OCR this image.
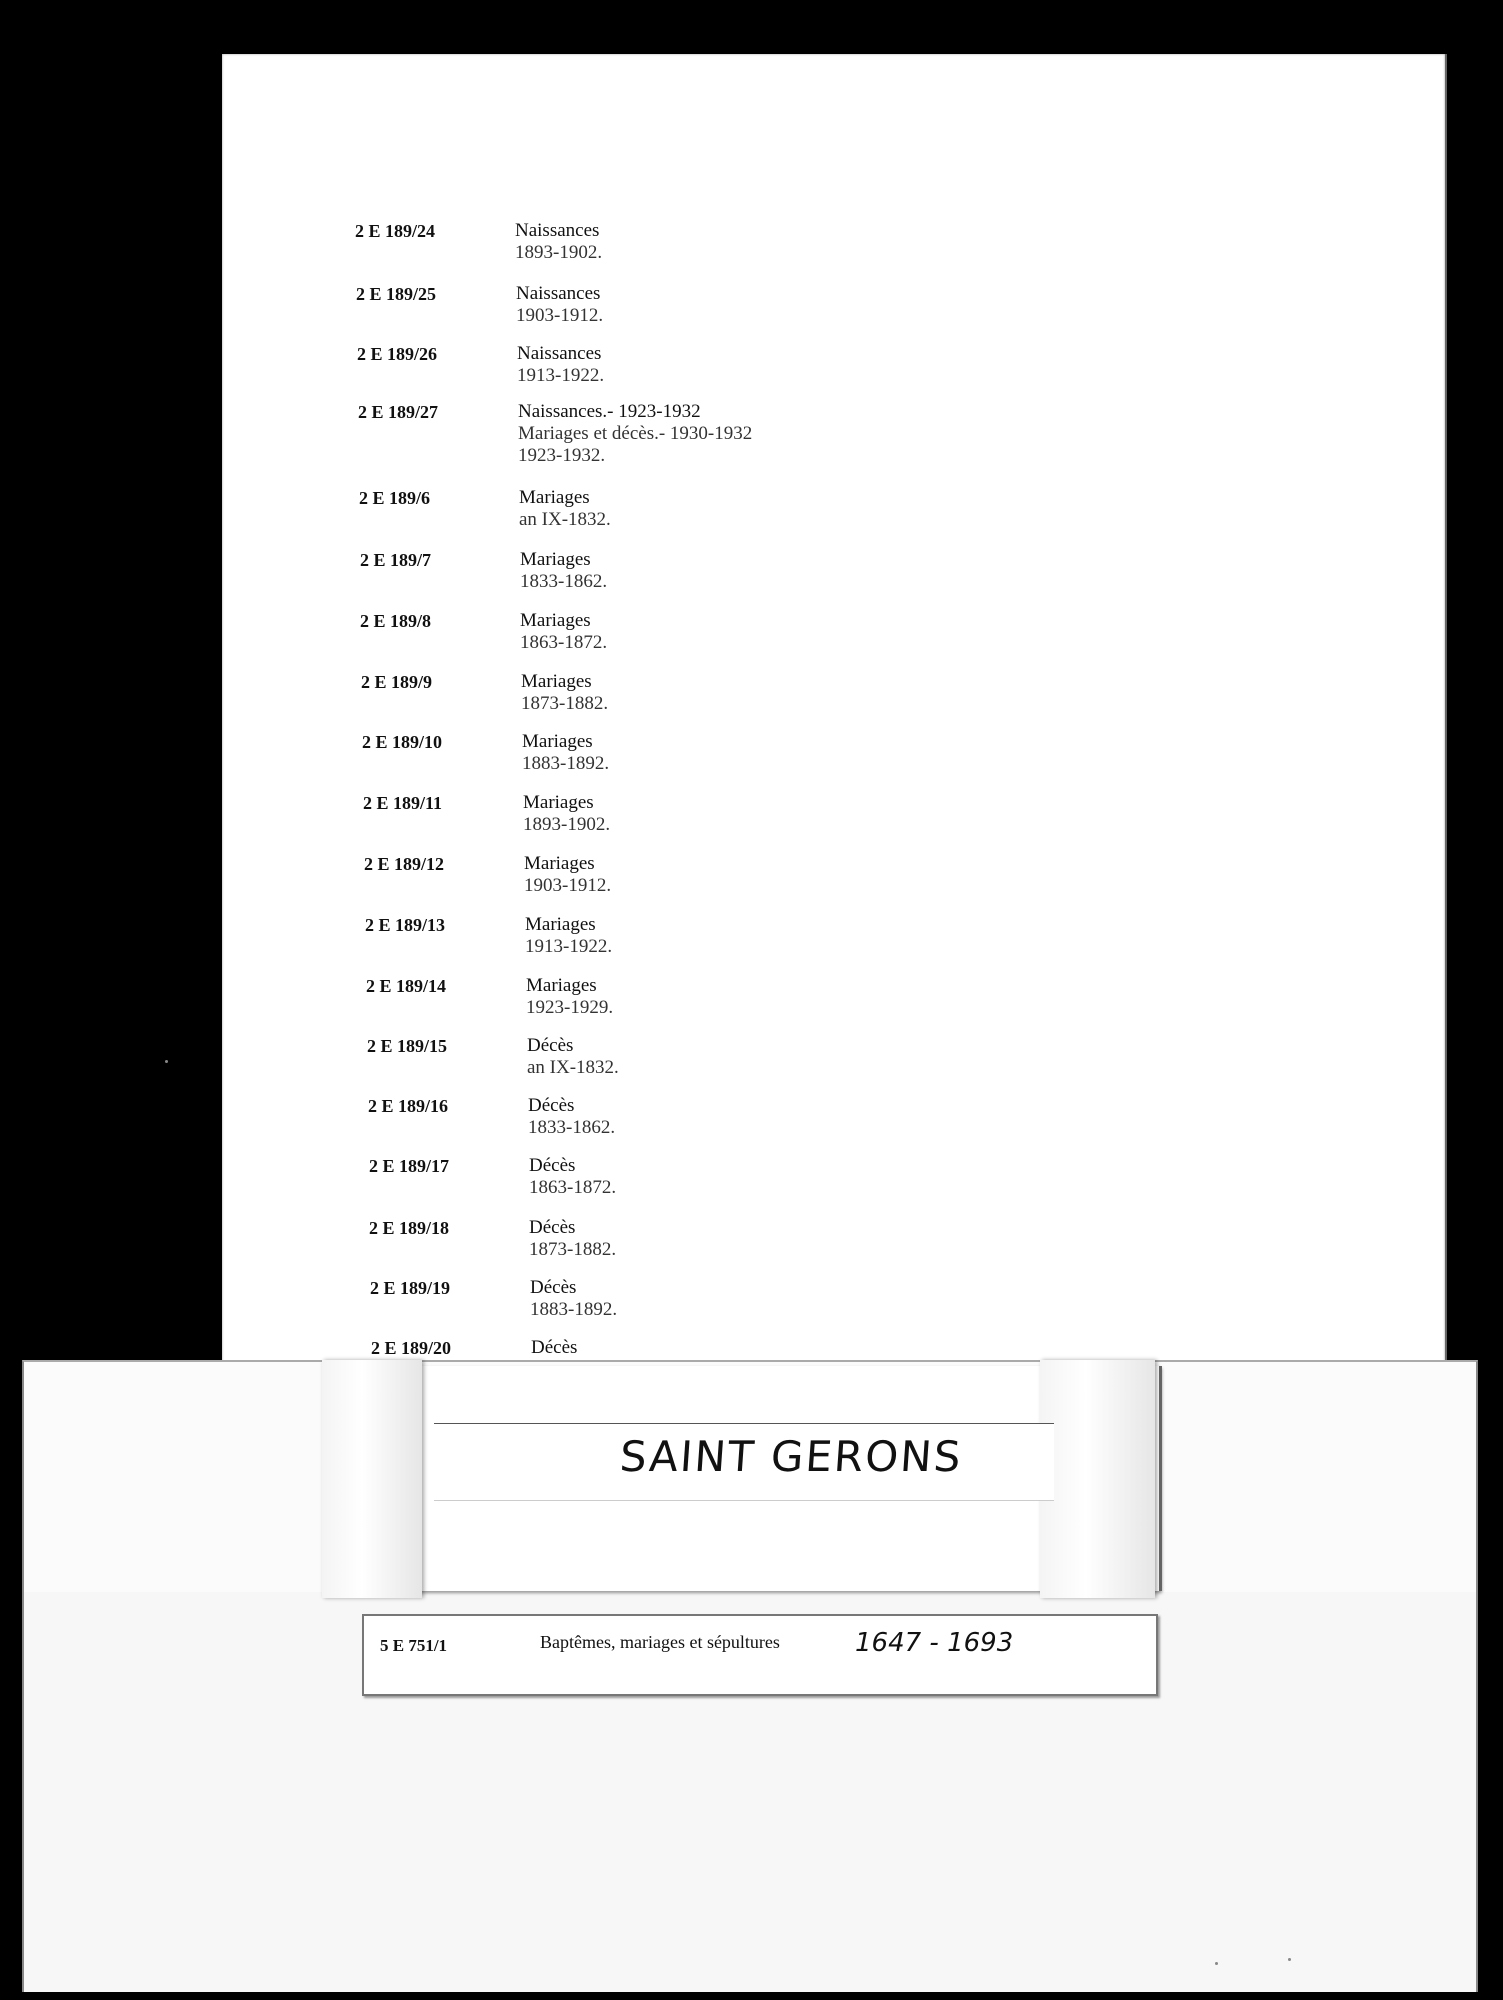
2 E 189/24	Naissances
1893-1902.
2 E 189/25	Naissances
1903-1912.
2 E 189/26	Naissances
1913-1922.
2 E 189/27	Naissances.- 1923-1932
Mariages et décès.- 1930-1932
1923-1932.
2 E 189/6	Mariages
an IX-1832.
2 E 189/7	Mariages
1833-1862.
2 E 189/8	Mariages
1863-1872.
2 E 189/9	Mariages
1873-1882.
2 E 189/10	Mariages
1883-1892.
2 E 189/11	Mariages
1893-1902.
2 E 189/12	Mariages
1903-1912.
2 E 189/13	Mariages
1913-1922.
2 E 189/14	Mariages
1923-1929.
2 E 189/15	Décès
an IX-1832.
2 E 189/16	Décès
1833-1862.
2 E 189/17	Décès
1863-1872.
2 E 189/18	Décès
1873-1882.
2 E 189/19	Décès
1883-1892.
2 E 189/20	Décès
SAINT GERONS
5 E 751/1	Baptêmes, mariages et sépultures	1647 - 1693
